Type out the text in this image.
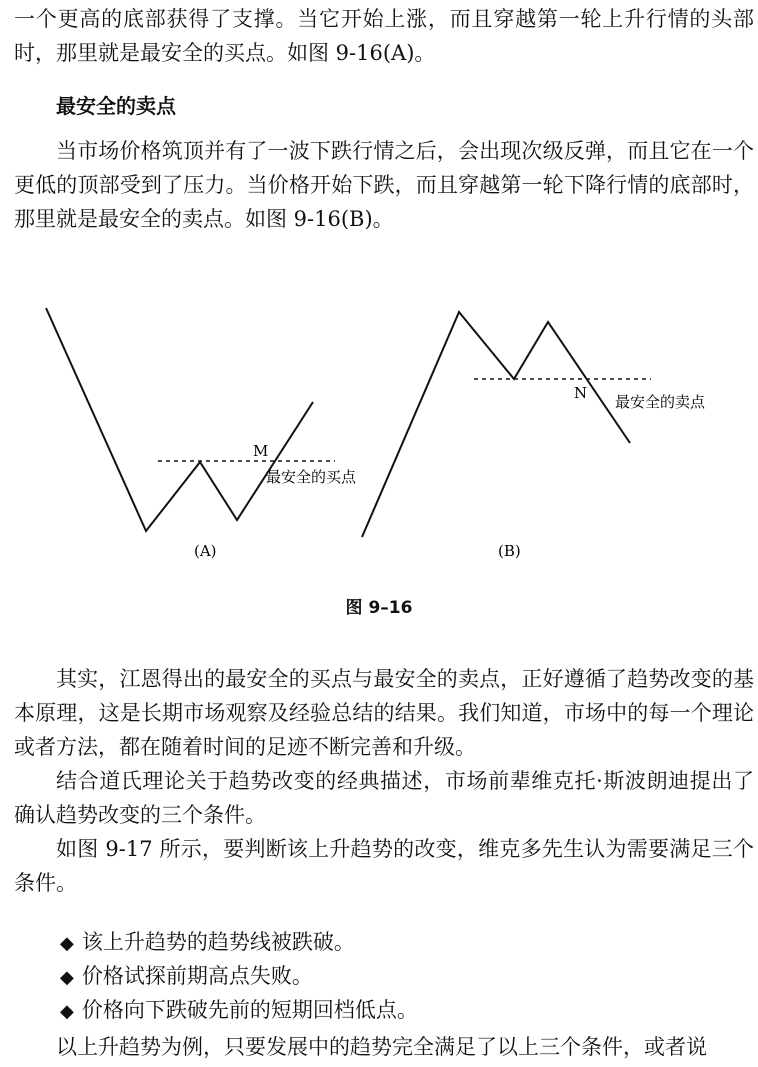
一个更高的底部获得了支撑。当它开始上涨，而且穿越第一轮上升行情的头部时，那里就是最安全的买点。如图 9-16(A)。

最安全的卖点

当市场价格筑顶并有了一波下跌行情之后，会出现次级反弹，而且它在一个更低的顶部受到了压力。当价格开始下跌，而且穿越第一轮下降行情的底部时，那里就是最安全的卖点。如图 9-16(B)。

M
最安全的买点
(A)
N 最安全的卖点
(B)
图 9–16

其实，江恩得出的最安全的买点与最安全的卖点，正好遵循了趋势改变的基本原理，这是长期市场观察及经验总结的结果。我们知道，市场中的每一个理论或者方法，都在随着时间的足迹不断完善和升级。

结合道氏理论关于趋势改变的经典描述，市场前辈维克托·斯波朗迪提出了确认趋势改变的三个条件。

如图 9-17 所示，要判断该上升趋势的改变，维克多先生认为需要满足三个条件。

◆ 该上升趋势的趋势线被跌破。

◆ 价格试探前期高点失败。

◆ 价格向下跌破先前的短期回档低点。

以上升趋势为例，只要发展中的趋势完全满足了以上三个条件，或者说
